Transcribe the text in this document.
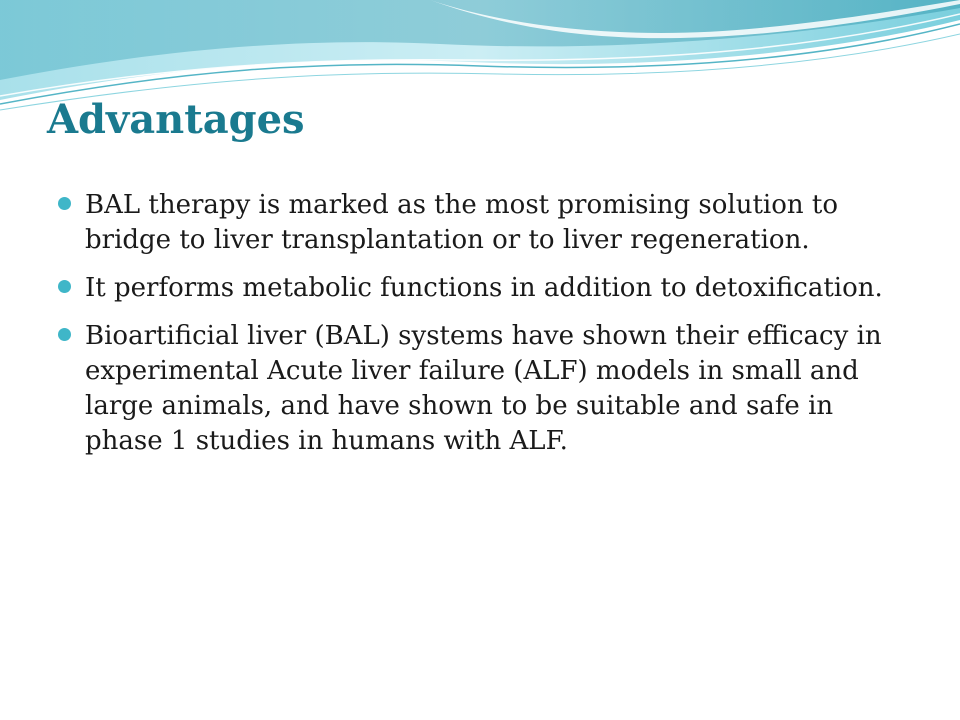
Advantages
BAL therapy is marked as the most promising solution to bridge to liver transplantation or to liver regeneration.
It performs metabolic functions in addition to detoxification.
Bioartificial liver (BAL) systems have shown their efficacy in experimental Acute liver failure (ALF) models in small and large animals, and have shown to be suitable and safe in phase 1 studies in humans with ALF.
